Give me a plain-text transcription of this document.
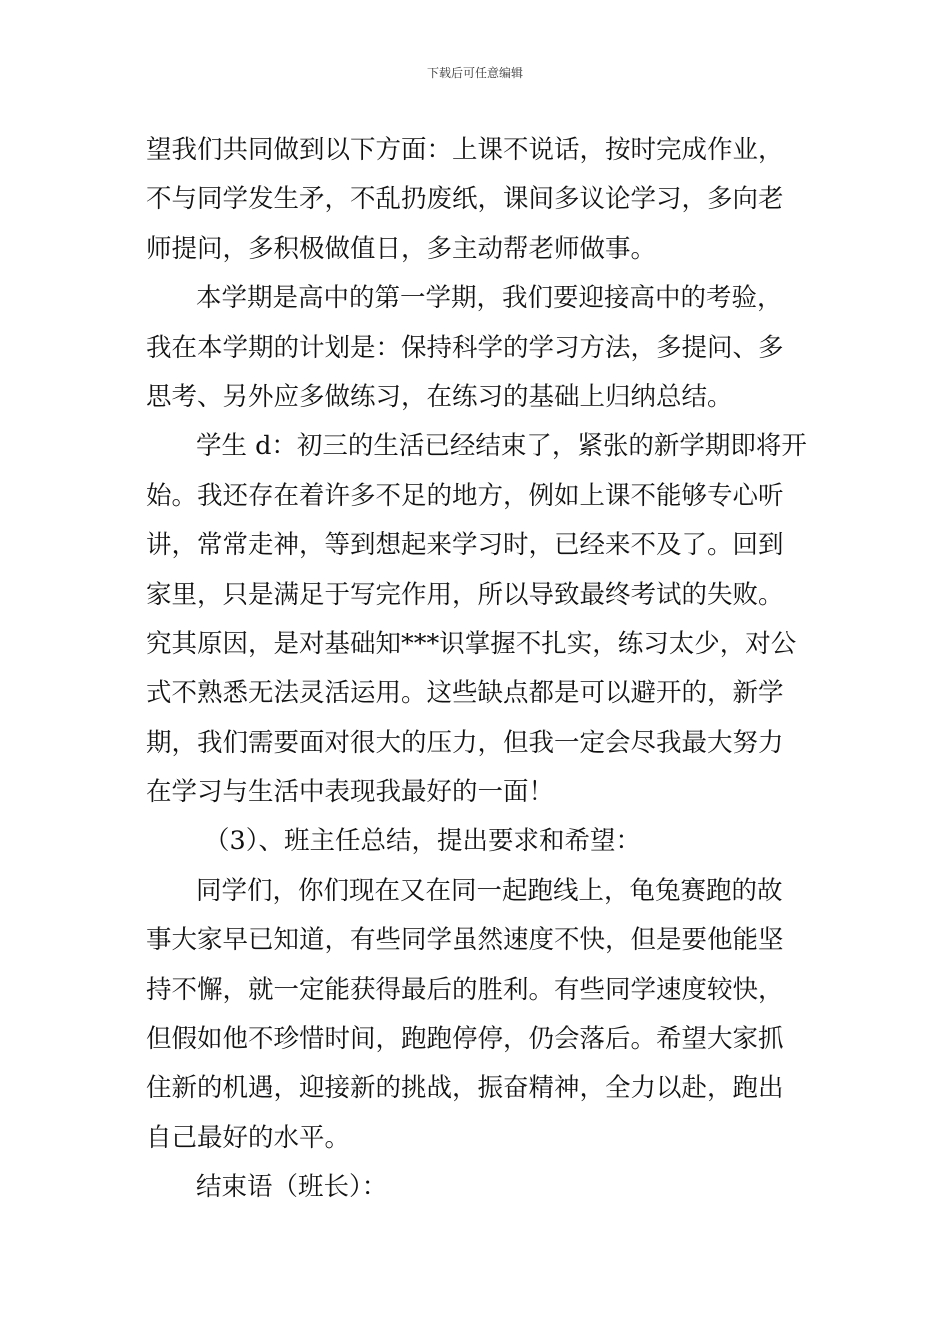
下载后可任意编辑
望我们共同做到以下方面：上课不说话，按时完成作业，
不与同学发生矛，不乱扔废纸，课间多议论学习，多向老
师提问，多积极做值日，多主动帮老师做事。
本学期是高中的第一学期，我们要迎接高中的考验，
我在本学期的计划是：保持科学的学习方法，多提问、多
思考、另外应多做练习，在练习的基础上归纳总结。
学生 d：初三的生活已经结束了，紧张的新学期即将开
始。我还存在着许多不足的地方，例如上课不能够专心听
讲，常常走神，等到想起来学习时，已经来不及了。回到
家里，只是满足于写完作用，所以导致最终考试的失败。
究其原因，是对基础知***识掌握不扎实，练习太少，对公
式不熟悉无法灵活运用。这些缺点都是可以避开的，新学
期，我们需要面对很大的压力，但我一定会尽我最大努力
在学习与生活中表现我最好的一面！
（3）、班主任总结，提出要求和希望：
同学们，你们现在又在同一起跑线上，龟兔赛跑的故
事大家早已知道，有些同学虽然速度不快，但是要他能坚
持不懈，就一定能获得最后的胜利。有些同学速度较快，
但假如他不珍惜时间，跑跑停停，仍会落后。希望大家抓
住新的机遇，迎接新的挑战，振奋精神，全力以赴，跑出
自己最好的水平。
结束语（班长）：
